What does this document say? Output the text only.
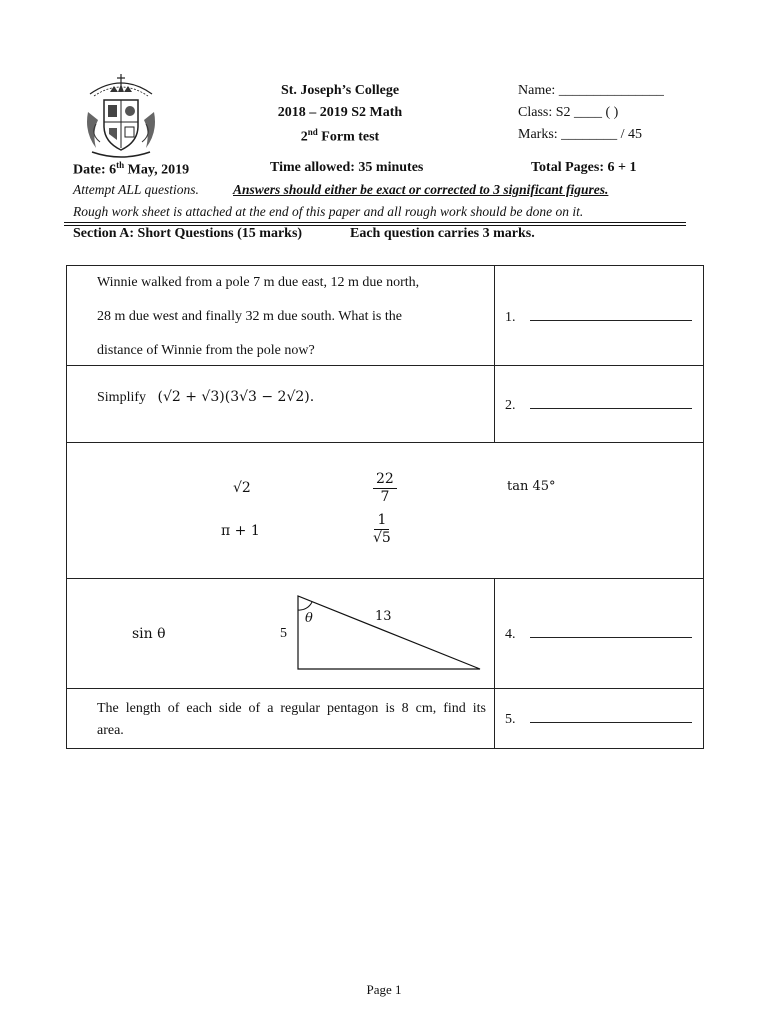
St. Joseph’s College
2018 – 2019 S2 Math
2nd Form test
Name: _______________
Class: S2 ____ ( )
Marks: ________ / 45
Date: 6th May, 2019	Time allowed: 35 minutes	Total Pages: 6 + 1
Attempt ALL questions.	Answers should either be exact or corrected to 3 significant figures.
Rough work sheet is attached at the end of this paper and all rough work should be done on it.
Section A: Short Questions (15 marks)	Each question carries 3 marks.
Winnie walked from a pole 7 m due east, 12 m due north,
28 m due west and finally 32 m due south. What is the
distance of Winnie from the pole now?
1.
Simplify (√2 + √3)(3√3 − 2√2).
2.
√2	$\frac{22}{7}$	tan 45°
π + 1	$\frac{1}{√5}$
sin θ	5
13
θ
4.
The length of each side of a regular pentagon is 8 cm, find its
area.
5.
Page 1
